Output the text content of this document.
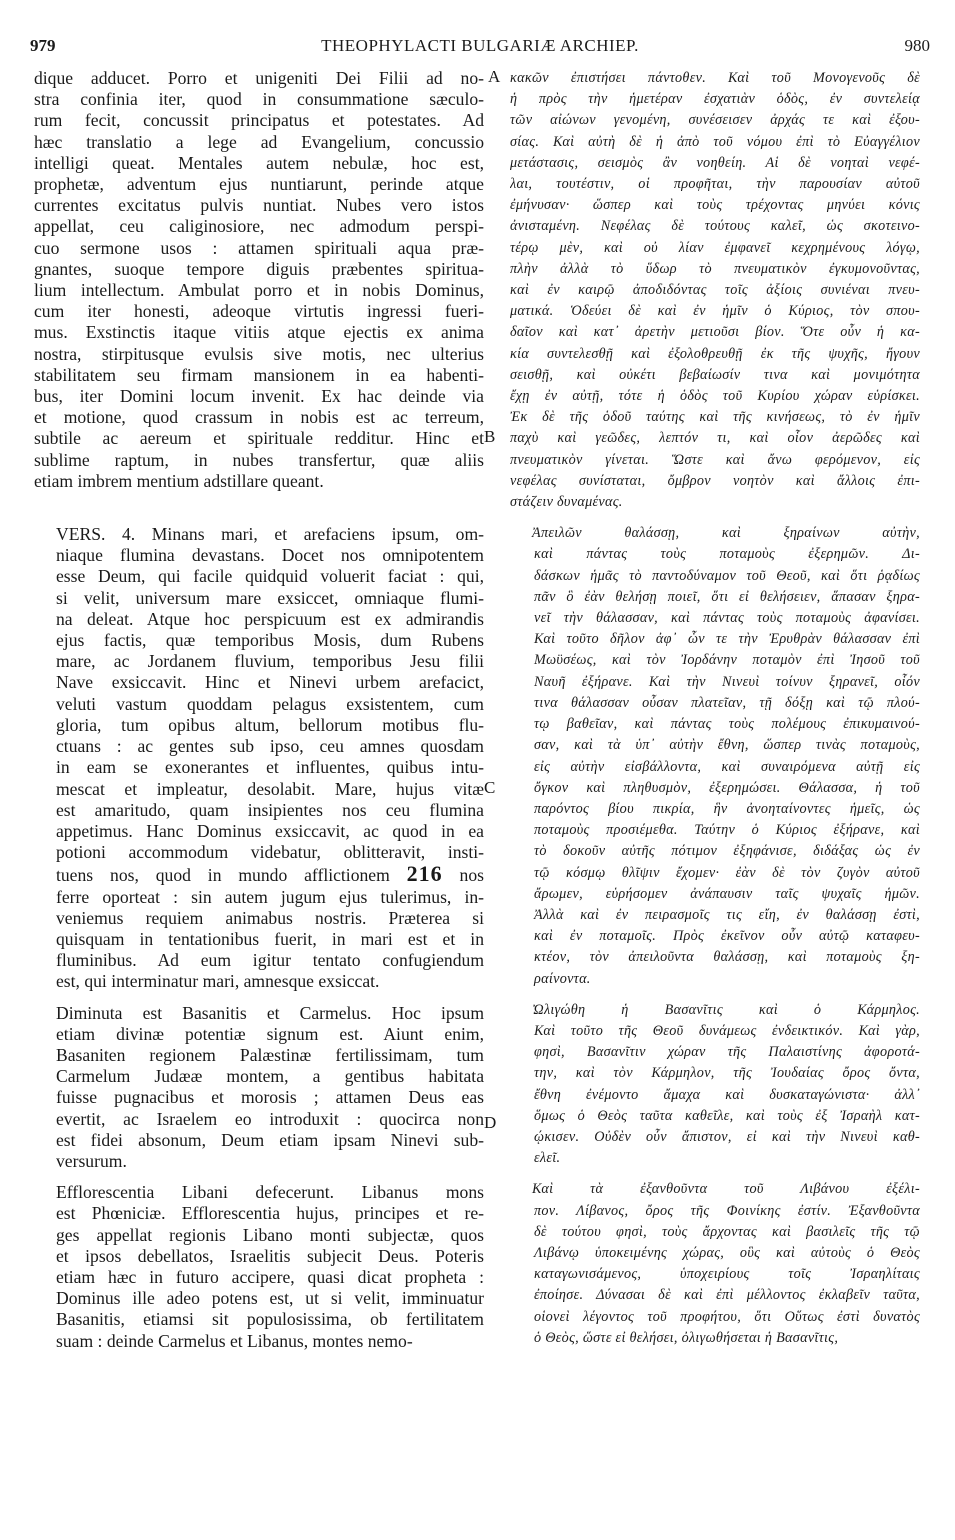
979	THEOPHYLACTI BULGARIÆ ARCHIEP.	980
dique adducet. Porro et unigeniti Dei Filii ad no-
stra confinia iter, quod in consummatione sæculo-
rum fecit, concussit principatus et potestates. Ad
hæc translatio a lege ad Evangelium, concussio
intelligi queat. Mentales autem nebulæ, hoc est,
prophetæ, adventum ejus nuntiarunt, perinde atque
currentes excitatus pulvis nuntiat. Nubes vero istos
appellat, ceu caliginosiore, nec admodum perspi-
cuo sermone usos : attamen spirituali aqua præ-
gnantes, suoque tempore diguis præbentes spiritua-
lium intellectum. Ambulat porro et in nobis Dominus,
cum iter honesti, adeoque virtutis ingressi fueri-
mus. Exstinctis itaque vitiis atque ejectis ex anima
nostra, stirpitusque evulsis sive motis, nec ulterius
stabilitatem seu firmam mansionem in ea habenti-
bus, iter Domini locum invenit. Ex hac deinde via
et motione, quod crassum in nobis est ac terreum,
subtile ac aereum et spirituale redditur. Hinc et
sublime raptum, in nubes transfertur, quæ aliis
etiam imbrem mentium adstillare queant.
VERS. 4. Minans mari, et arefaciens ipsum, om-
niaque flumina devastans. Docet nos omnipotentem
esse Deum, qui facile quidquid voluerit faciat : qui,
si velit, universum mare exsiccet, omniaque flumi-
na deleat. Atque hoc perspicuum est ex admirandis
ejus factis, quæ temporibus Mosis, dum Rubens
mare, ac Jordanem fluvium, temporibus Jesu filii
Nave exsiccavit. Hinc et Ninevi urbem arefacict,
veluti vastum quoddam pelagus exsistentem, cum
gloria, tum opibus altum, bellorum motibus flu-
ctuans : ac gentes sub ipso, ceu amnes quosdam
in eam se exonerantes et influentes, quibus intu-
mescat et impleatur, desolabit. Mare, hujus vitæ
est amaritudo, quam insipientes nos ceu flumina
appetimus. Hanc Dominus exsiccavit, ac quod in ea
potioni accommodum videbatur, oblitteravit, insti-
tuens nos, quod in mundo afflictionem 216 nos
ferre oporteat : sin autem jugum ejus tulerimus, in-
veniemus requiem animabus nostris. Præterea si
quisquam in tentationibus fuerit, in mari est et in
fluminibus. Ad eum igitur tentato confugiendum
est, qui interminatur mari, amnesque exsiccat.
Diminuta est Basanitis et Carmelus. Hoc ipsum
etiam divinæ potentiæ signum est. Aiunt enim,
Basaniten regionem Palæstinæ fertilissimam, tum
Carmelum Judææ montem, a gentibus habitata
fuisse pugnacibus et morosis ; attamen Deus eas
evertit, ac Israelem eo introduxit : quocirca non
est fidei absonum, Deum etiam ipsam Ninevi sub-
versurum.
Efflorescentia Libani defecerunt. Libanus mons
est Phœniciæ. Efflorescentia hujus, principes et re-
ges appellat regionis Libano monti subjectæ, quos
et ipsos debellatos, Israelitis subjecit Deus. Poteris
etiam hæc in futuro accipere, quasi dicat propheta :
Dominus ille adeo potens est, ut si velit, imminuatur
Basanitis, etiamsi sit populosissima, ob fertilitatem
suam : deinde Carmelus et Libanus, montes nemo-
κακῶν ἐπιστήσει πάντοθεν. Καὶ τοῦ Μονογενοῦς δὲ
ἡ πρὸς τὴν ἡμετέραν ἐσχατιὰν ὁδὸς, ἐν συντελείᾳ
τῶν αἰώνων γενομένη, συνέσεισεν ἀρχάς τε καὶ ἐξου-
σίας. Καὶ αὐτὴ δὲ ἡ ἀπὸ τοῦ νόμου ἐπὶ τὸ Εὐαγγέλιον
μετάστασις, σεισμὸς ἂν νοηθείη. Αἱ δὲ νοηταὶ νεφέ-
λαι, τουτέστιν, οἱ προφῆται, τὴν παρουσίαν αὐτοῦ
ἐμήνυσαν· ὥσπερ καὶ τοὺς τρέχοντας μηνύει κόνις
ἀνισταμένη. Νεφέλας δὲ τούτους καλεῖ, ὡς σκοτεινο-
τέρῳ μὲν, καὶ οὐ λίαν ἐμφανεῖ κεχρημένους λόγῳ,
πλὴν ἀλλὰ τὸ ὕδωρ τὸ πνευματικὸν ἐγκυμονοῦντας,
καὶ ἐν καιρῷ ἀποδιδόντας τοῖς ἀξίοις συνιέναι πνευ-
ματικά. Ὁδεύει δὲ καὶ ἐν ἡμῖν ὁ Κύριος, τὸν σπου-
δαῖον καὶ κατ᾽ ἀρετὴν μετιοῦσι βίον. Ὅτε οὖν ἡ κα-
κία συντελεσθῇ καὶ ἐξολοθρευθῇ ἐκ τῆς ψυχῆς, ἤγουν
σεισθῇ, καὶ οὐκέτι βεβαίωσίν τινα καὶ μονιμότητα
ἔχῃ ἐν αὐτῇ, τότε ἡ ὁδὸς τοῦ Κυρίου χώραν εὑρίσκει.
Ἐκ δὲ τῆς ὁδοῦ ταύτης καὶ τῆς κινήσεως, τὸ ἐν ἡμῖν
παχὺ καὶ γεῶδες, λεπτόν τι, καὶ οἷον ἀερῶδες καὶ
πνευματικὸν γίνεται. Ὥστε καὶ ἄνω φερόμενον, εἰς
νεφέλας συνίσταται, ὄμβρον νοητὸν καὶ ἄλλοις ἐπι-
στάζειν δυναμένας.
Ἀπειλῶν θαλάσσῃ, καὶ ξηραίνων αὐτὴν,
καὶ πάντας τοὺς ποταμοὺς ἐξερημῶν. Δι-
δάσκων ἡμᾶς τὸ παντοδύναμον τοῦ Θεοῦ, καὶ ὅτι ῥᾳδίως
πᾶν ὃ ἐὰν θελήσῃ ποιεῖ, ὅτι εἰ θελήσειεν, ἅπασαν ξηρα-
νεῖ τὴν θάλασσαν, καὶ πάντας τοὺς ποταμοὺς ἀφανίσει.
Καὶ τοῦτο δῆλον ἀφ᾽ ὧν τε τὴν Ἐρυθρὰν θάλασσαν ἐπὶ
Μωϋσέως, καὶ τὸν Ἰορδάνην ποταμὸν ἐπὶ Ἰησοῦ τοῦ
Ναυῆ ἐξήρανε. Καὶ τὴν Νινευὶ τοίνυν ξηρανεῖ, οἷόν
τινα θάλασσαν οὖσαν πλατεῖαν, τῇ δόξῃ καὶ τῷ πλού-
τῳ βαθεῖαν, καὶ πάντας τοὺς πολέμους ἐπικυμαινού-
σαν, καὶ τὰ ὑπ᾽ αὐτὴν ἔθνη, ὥσπερ τινὰς ποταμοὺς,
εἰς αὐτὴν εἰσβάλλοντα, καὶ συναιρόμενα αὐτῇ εἰς
ὄγκον καὶ πληθυσμὸν, ἐξερημώσει. Θάλασσα, ἡ τοῦ
παρόντος βίου πικρία, ἣν ἀνοηταίνοντες ἡμεῖς, ὡς
ποταμοὺς προσιέμεθα. Ταύτην ὁ Κύριος ἐξήρανε, καὶ
τὸ δοκοῦν αὐτῆς πότιμον ἐξηφάνισε, διδάξας ὡς ἐν
τῷ κόσμῳ θλῖψιν ἔχομεν· ἐὰν δὲ τὸν ζυγὸν αὐτοῦ
ἄρωμεν, εὑρήσομεν ἀνάπαυσιν ταῖς ψυχαῖς ἡμῶν.
Ἀλλὰ καὶ ἐν πειρασμοῖς τις εἴη, ἐν θαλάσσῃ ἐστὶ,
καὶ ἐν ποταμοῖς. Πρὸς ἐκεῖνον οὖν αὐτῷ καταφευ-
κτέον, τὸν ἀπειλοῦντα θαλάσσῃ, καὶ ποταμοὺς ξη-
ραίνοντα.
Ὠλιγώθη ἡ Βασανῖτις καὶ ὁ Κάρμηλος.
Καὶ τοῦτο τῆς Θεοῦ δυνάμεως ἐνδεικτικόν. Καὶ γὰρ,
φησὶ, Βασανῖτιν χώραν τῆς Παλαιστίνης ἀφοροτά-
την, καὶ τὸν Κάρμηλον, τῆς Ἰουδαίας ὄρος ὄντα,
ἔθνη ἐνέμοντο ἄμαχα καὶ δυσκαταγώνιστα· ἀλλ᾽
ὅμως ὁ Θεὸς ταῦτα καθεῖλε, καὶ τοὺς ἐξ Ἰσραὴλ κατ-
ῴκισεν. Οὐδὲν οὖν ἄπιστον, εἰ καὶ τὴν Νινευὶ καθ-
ελεῖ.
Καὶ τὰ ἐξανθοῦντα τοῦ Λιβάνου ἐξέλι-
πον. Λίβανος, ὄρος τῆς Φοινίκης ἐστίν. Ἐξανθοῦντα
δὲ τούτου φησὶ, τοὺς ἄρχοντας καὶ βασιλεῖς τῆς τῷ
Λιβάνῳ ὑποκειμένης χώρας, οὓς καὶ αὐτοὺς ὁ Θεὸς
καταγωνισάμενος, ὑποχειρίους τοῖς Ἰσραηλίταις
ἐποίησε. Δύνασαι δὲ καὶ ἐπὶ μέλλοντος ἐκλαβεῖν ταῦτα,
οἱονεὶ λέγοντος τοῦ προφήτου, ὅτι Οὕτως ἐστὶ δυνατὸς
ὁ Θεὸς, ὥστε εἰ θελήσει, ὀλιγωθήσεται ἡ Βασανῖτις,
A
B
C
D
